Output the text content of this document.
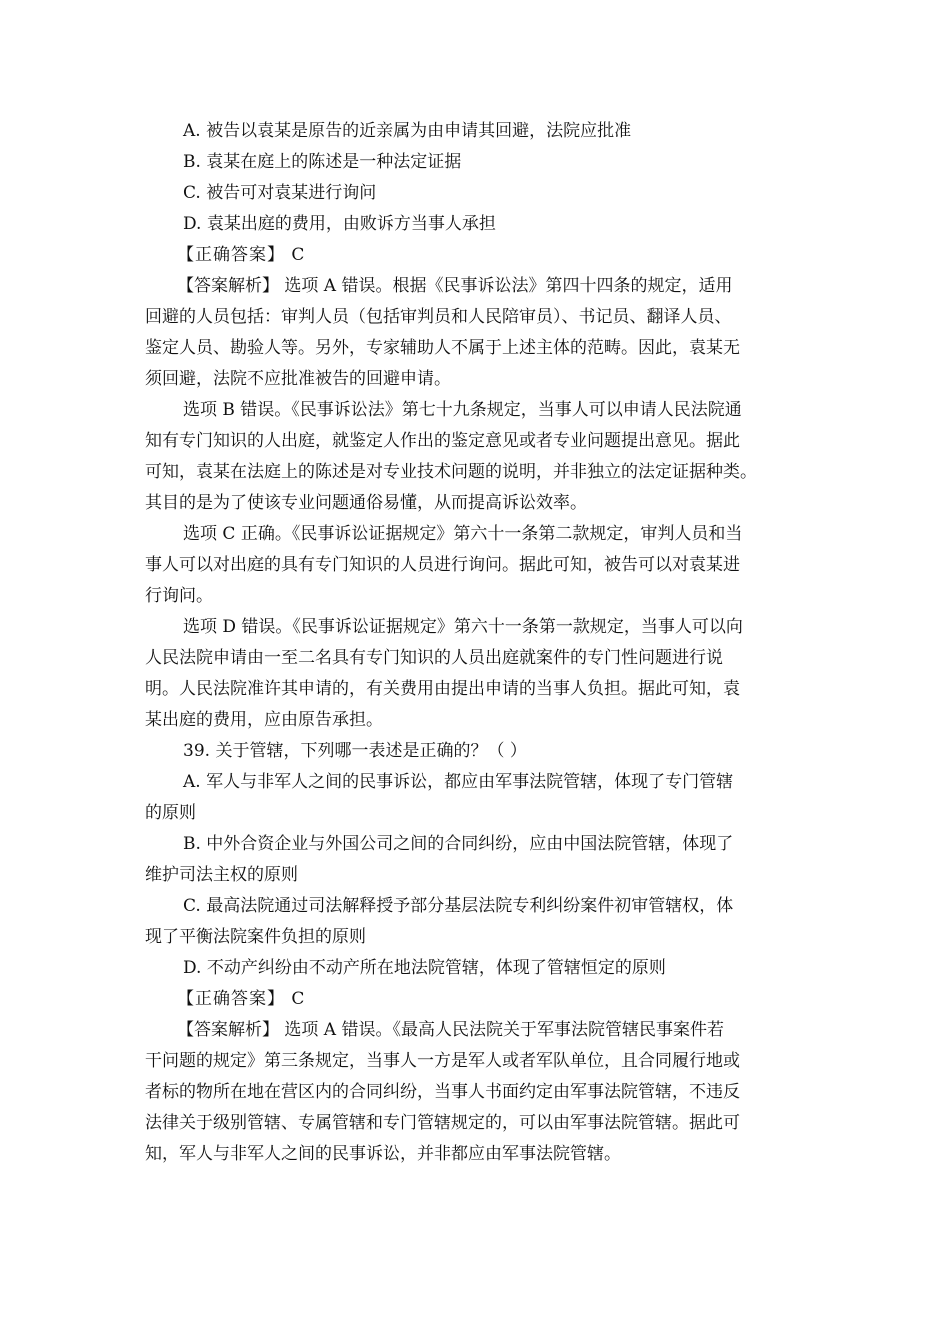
A. 被告以袁某是原告的近亲属为由申请其回避，法院应批准
B. 袁某在庭上的陈述是一种法定证据
C. 被告可对袁某进行询问
D. 袁某出庭的费用，由败诉方当事人承担
【正确答案】 C
【答案解析】 选项 A 错误。根据《民事诉讼法》第四十四条的规定，适用
回避的人员包括：审判人员（包括审判员和人民陪审员）、书记员、翻译人员、
鉴定人员、勘验人等。另外，专家辅助人不属于上述主体的范畴。因此，袁某无
须回避，法院不应批准被告的回避申请。
选项 B 错误。《民事诉讼法》第七十九条规定，当事人可以申请人民法院通
知有专门知识的人出庭，就鉴定人作出的鉴定意见或者专业问题提出意见。据此
可知，袁某在法庭上的陈述是对专业技术问题的说明，并非独立的法定证据种类。
其目的是为了使该专业问题通俗易懂，从而提高诉讼效率。
选项 C 正确。《民事诉讼证据规定》第六十一条第二款规定，审判人员和当
事人可以对出庭的具有专门知识的人员进行询问。据此可知，被告可以对袁某进
行询问。
选项 D 错误。《民事诉讼证据规定》第六十一条第一款规定，当事人可以向
人民法院申请由一至二名具有专门知识的人员出庭就案件的专门性问题进行说
明。人民法院准许其申请的，有关费用由提出申请的当事人负担。据此可知，袁
某出庭的费用，应由原告承担。
39. 关于管辖，下列哪一表述是正确的？（ ）
A. 军人与非军人之间的民事诉讼，都应由军事法院管辖，体现了专门管辖
的原则
B. 中外合资企业与外国公司之间的合同纠纷，应由中国法院管辖，体现了
维护司法主权的原则
C. 最高法院通过司法解释授予部分基层法院专利纠纷案件初审管辖权，体
现了平衡法院案件负担的原则
D. 不动产纠纷由不动产所在地法院管辖，体现了管辖恒定的原则
【正确答案】 C
【答案解析】 选项 A 错误。《最高人民法院关于军事法院管辖民事案件若
干问题的规定》第三条规定，当事人一方是军人或者军队单位，且合同履行地或
者标的物所在地在营区内的合同纠纷，当事人书面约定由军事法院管辖，不违反
法律关于级别管辖、专属管辖和专门管辖规定的，可以由军事法院管辖。据此可
知，军人与非军人之间的民事诉讼，并非都应由军事法院管辖。
